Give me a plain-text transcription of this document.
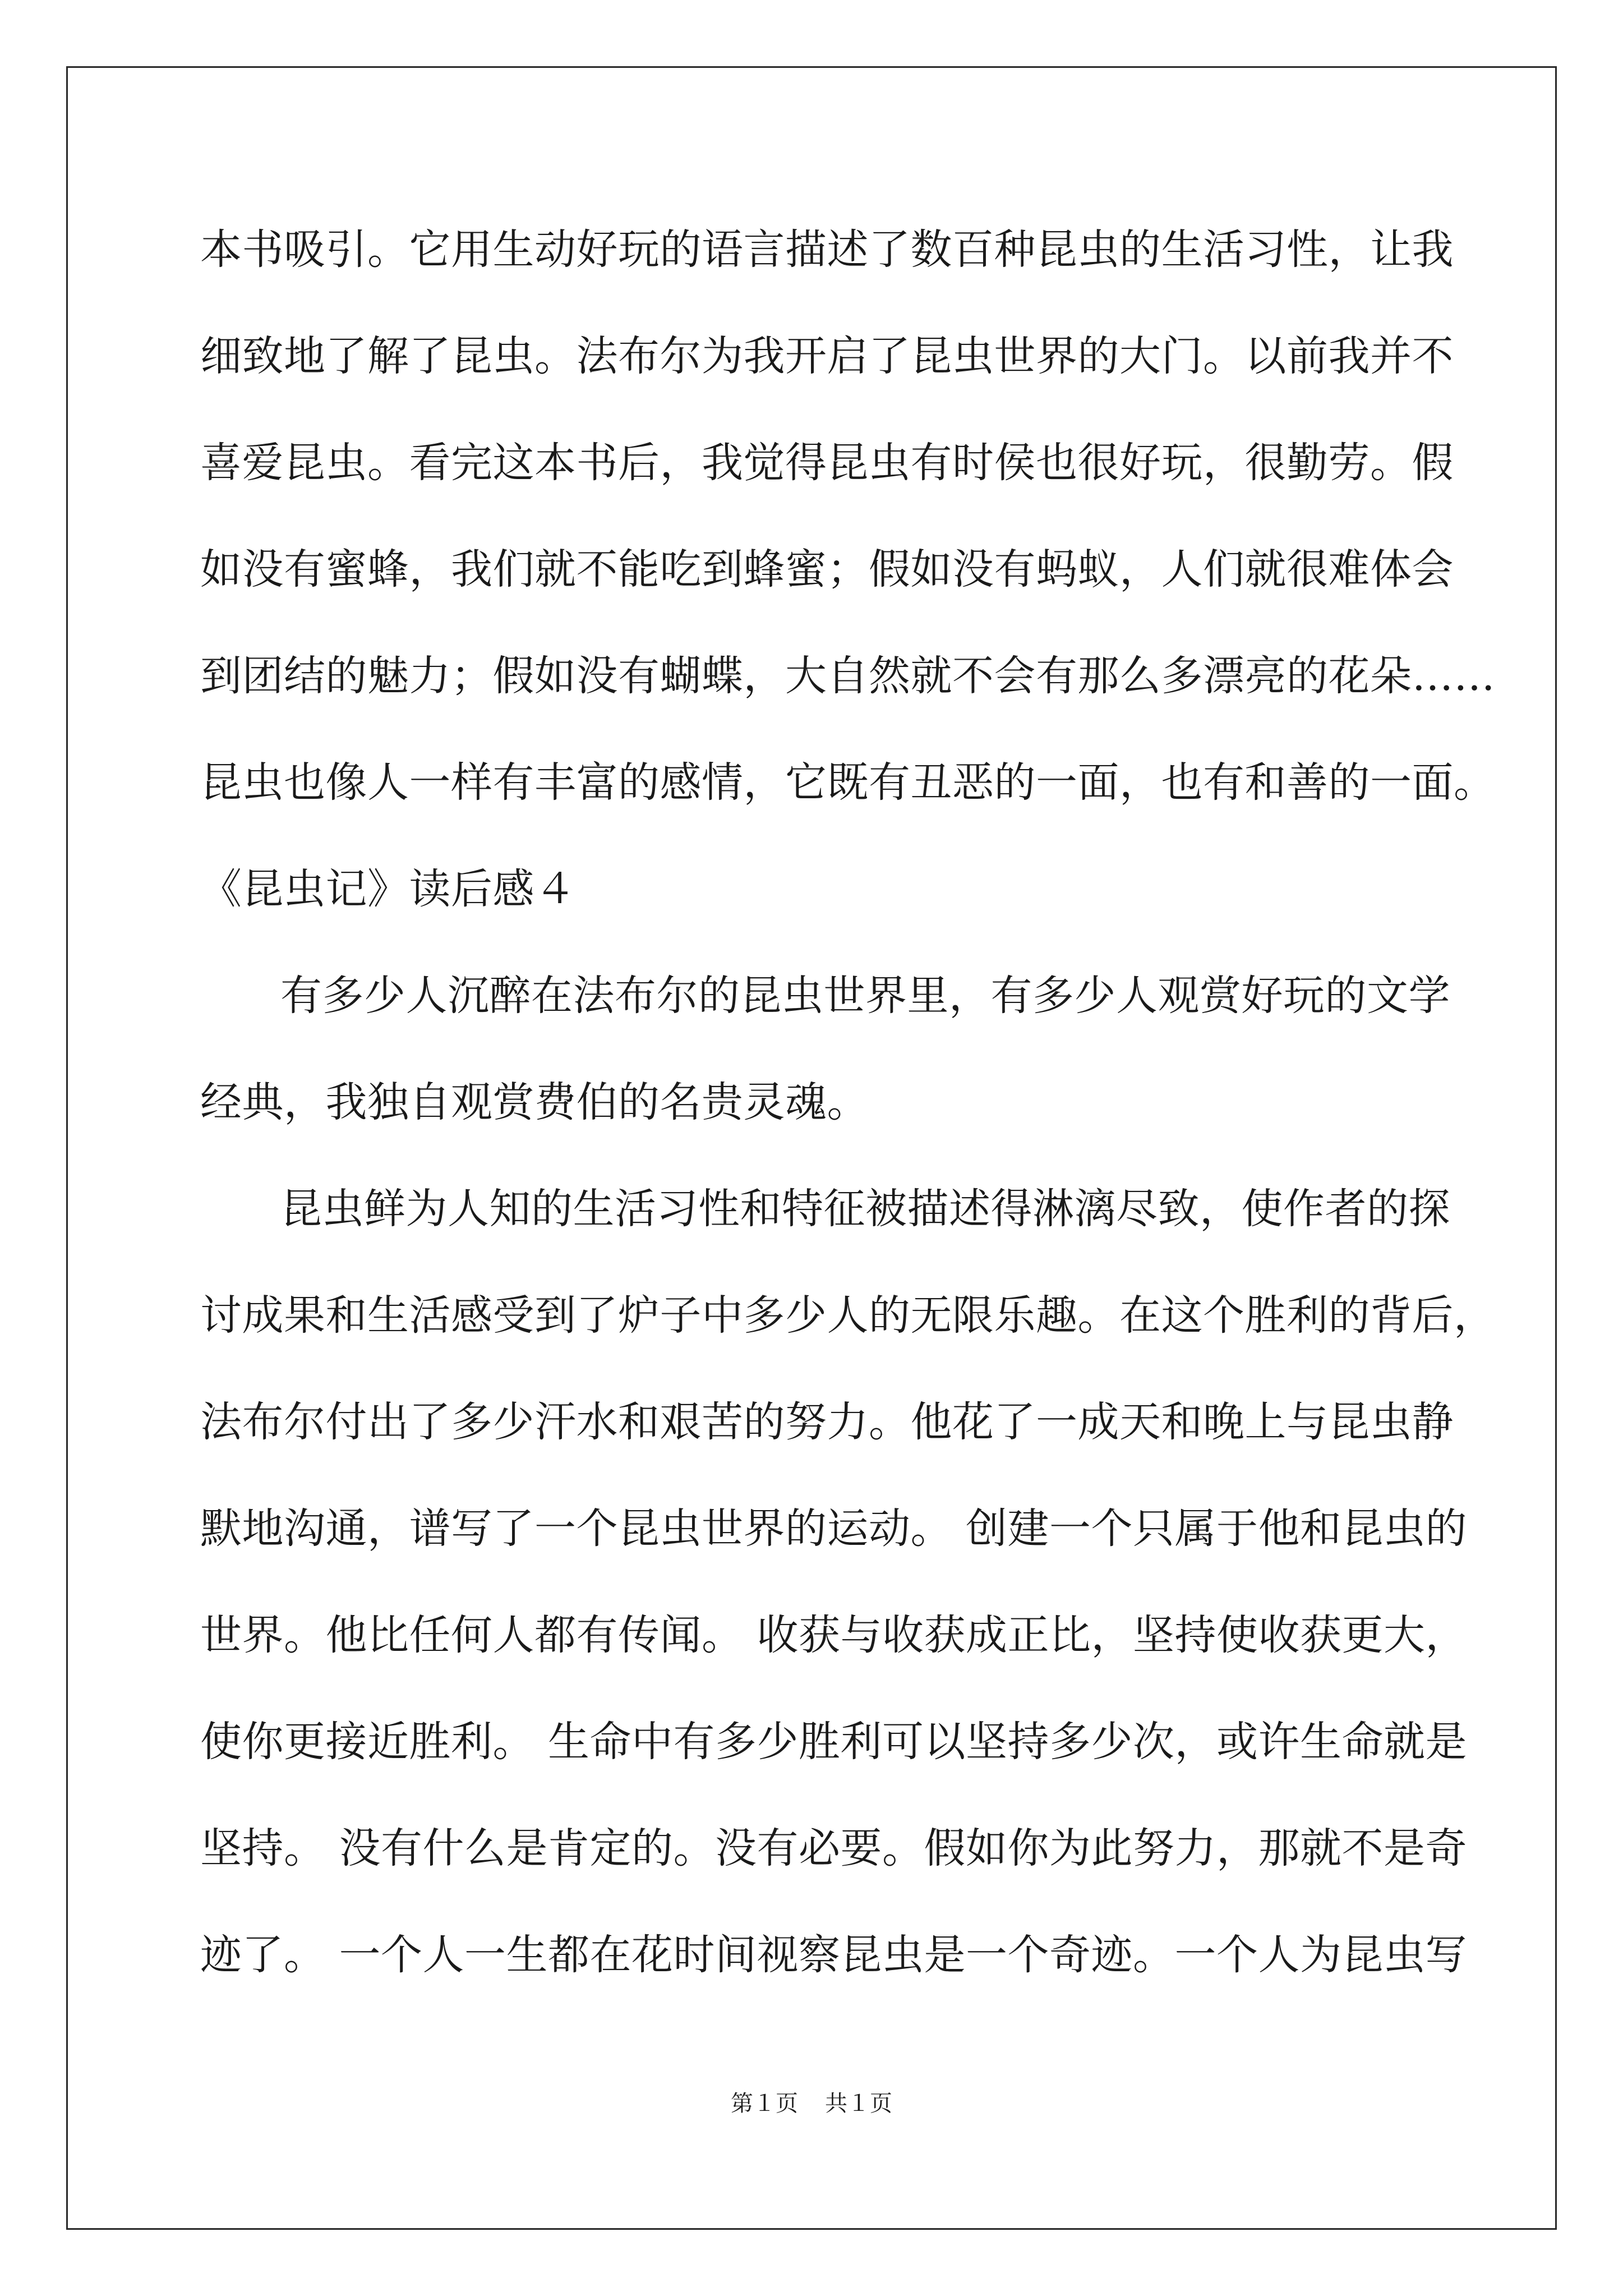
本书吸引。它用生动好玩的语言描述了数百种昆虫的生活习性，让我
细致地了解了昆虫。法布尔为我开启了昆虫世界的大门。以前我并不
喜爱昆虫。看完这本书后，我觉得昆虫有时侯也很好玩，很勤劳。假
如没有蜜蜂，我们就不能吃到蜂蜜；假如没有蚂蚁，人们就很难体会
到团结的魅力；假如没有蝴蝶，大自然就不会有那么多漂亮的花朵……
昆虫也像人一样有丰富的感情，它既有丑恶的一面，也有和善的一面。
《昆虫记》读后感４
有多少人沉醉在法布尔的昆虫世界里，有多少人观赏好玩的文学
经典，我独自观赏费伯的名贵灵魂。
昆虫鲜为人知的生活习性和特征被描述得淋漓尽致，使作者的探
讨成果和生活感受到了炉子中多少人的无限乐趣。在这个胜利的背后，
法布尔付出了多少汗水和艰苦的努力。他花了一成天和晚上与昆虫静
默地沟通，谱写了一个昆虫世界的运动。 创建一个只属于他和昆虫的
世界。他比任何人都有传闻。 收获与收获成正比，坚持使收获更大，
使你更接近胜利。 生命中有多少胜利可以坚持多少次，或许生命就是
坚持。 没有什么是肯定的。没有必要。假如你为此努力，那就不是奇
迹了。 一个人一生都在花时间视察昆虫是一个奇迹。一个人为昆虫写
第１页 共１页
